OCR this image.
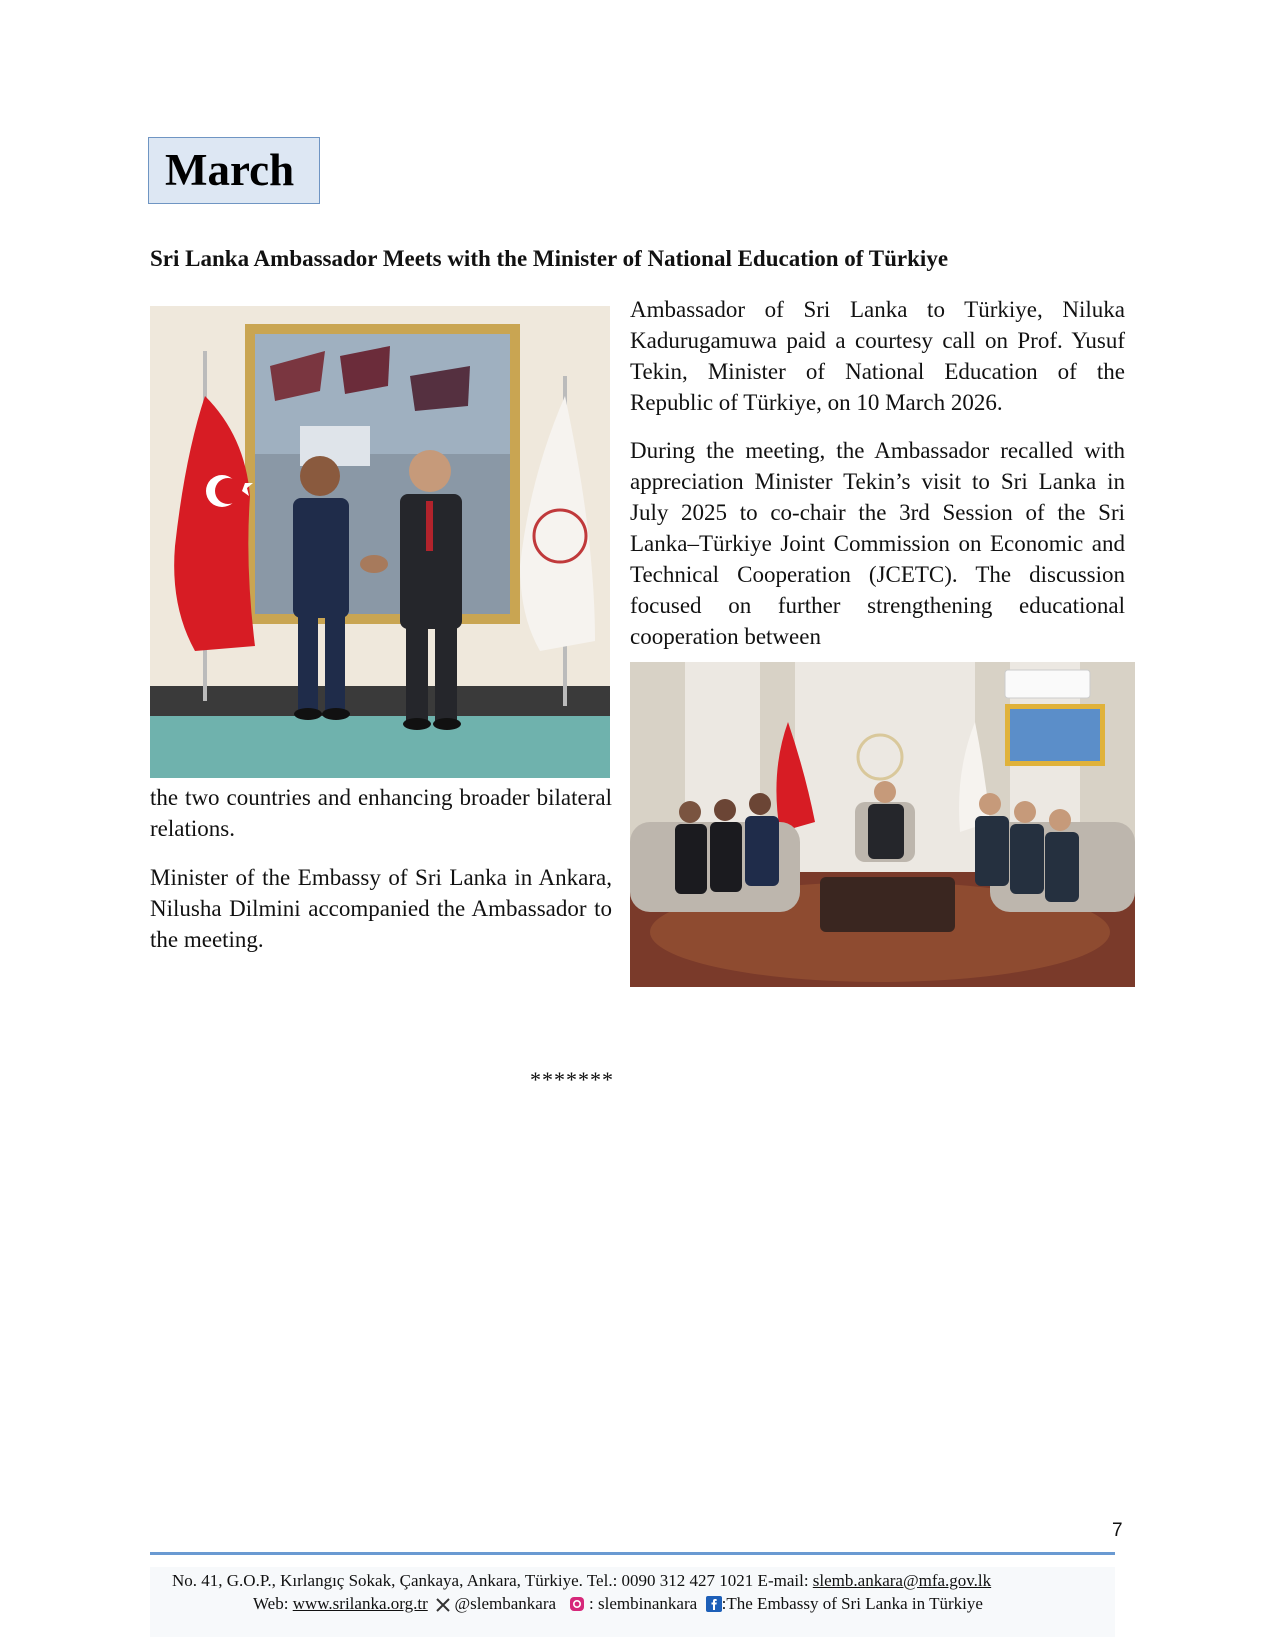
March
Sri Lanka Ambassador Meets with the Minister of National Education of Türkiye

Ambassador of Sri Lanka to Türkiye, Niluka Kadurugamuwa paid a courtesy call on Prof. Yusuf Tekin, Minister of National Education of the Republic of Türkiye, on 10 March 2026.

During the meeting, the Ambassador recalled with appreciation Minister Tekin’s visit to Sri Lanka in July 2025 to co-chair the 3rd Session of the Sri Lanka–Türkiye Joint Commission on Economic and Technical Cooperation (JCETC). The discussion focused on further strengthening educational cooperation between

the two countries and enhancing broader bilateral relations.

Minister of the Embassy of Sri Lanka in Ankara, Nilusha Dilmini accompanied the Ambassador to the meeting.

*******
7
No. 41, G.O.P., Kırlangıç Sokak, Çankaya, Ankara, Türkiye. Tel.: 0090 312 427 1021 E-mail: slemb.ankara@mfa.gov.lk
Web: www.srilanka.org.tr @slembankara : slembinankara :The Embassy of Sri Lanka in Türkiye
